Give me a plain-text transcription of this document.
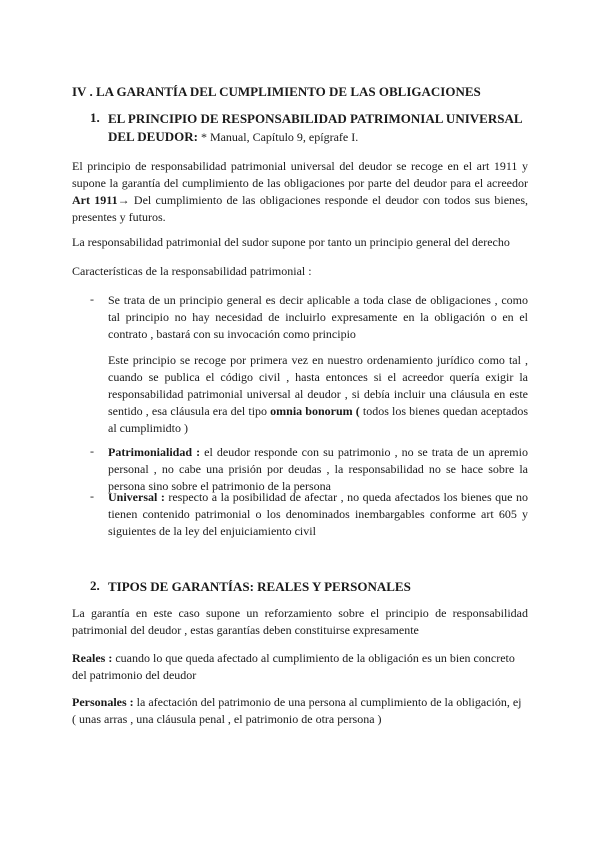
IV . LA GARANTÍA DEL CUMPLIMIENTO DE LAS OBLIGACIONES
1. EL PRINCIPIO DE RESPONSABILIDAD PATRIMONIAL UNIVERSAL DEL DEUDOR: * Manual, Capítulo 9, epígrafe I.

El principio de responsabilidad patrimonial universal del deudor se recoge en el art 1911 y supone la garantía del cumplimiento de las obligaciones por parte del deudor para el acreedor Art 1911→ Del cumplimiento de las obligaciones responde el deudor con todos sus bienes, presentes y futuros.

La responsabilidad patrimonial del sudor supone por tanto un principio general del derecho

Características de la responsabilidad patrimonial :

- Se trata de un principio general es decir aplicable a toda clase de obligaciones , como tal principio no hay necesidad de incluirlo expresamente en la obligación o en el contrato , bastará con su invocación como principio

Este principio se recoge por primera vez en nuestro ordenamiento jurídico como tal , cuando se publica el código civil , hasta entonces si el acreedor quería exigir la responsabilidad patrimonial universal al deudor , si debía incluir una cláusula en este sentido , esa cláusula era del tipo omnia bonorum ( todos los bienes quedan aceptados al cumplimidto )

- Patrimonialidad : el deudor responde con su patrimonio , no se trata de un apremio personal , no cabe una prisión por deudas , la responsabilidad no se hace sobre la persona sino sobre el patrimonio de la persona

- Universal : respecto a la posibilidad de afectar , no queda afectados los bienes que no tienen contenido patrimonial o los denominados inembargables conforme art 605 y siguientes de la ley del enjuiciamiento civil

2. TIPOS DE GARANTÍAS: REALES Y PERSONALES

La garantía en este caso supone un reforzamiento sobre el principio de responsabilidad patrimonial del deudor , estas garantías deben constituirse expresamente

Reales : cuando lo que queda afectado al cumplimiento de la obligación es un bien concreto del patrimonio del deudor

Personales : la afectación del patrimonio de una persona al cumplimiento de la obligación, ej ( unas arras , una cláusula penal , el patrimonio de otra persona )
